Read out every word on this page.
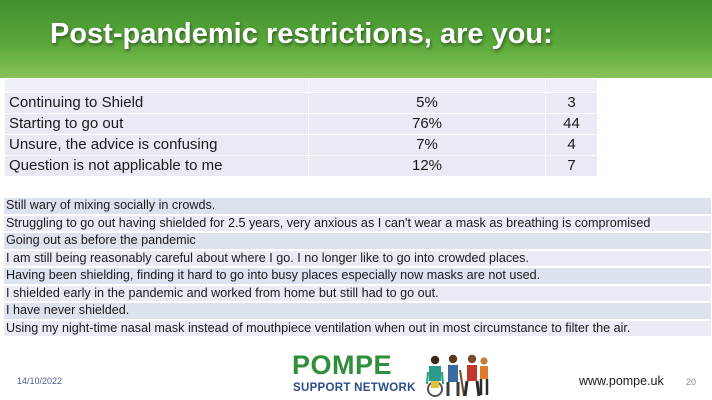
Post-pandemic restrictions, are you:

Continuing to Shield	5%	3
Starting to go out	76%	44
Unsure, the advice is confusing	7%	4
Question is not applicable to me	12%	7
Still wary of mixing socially in crowds.
Struggling to go out having shielded for 2.5 years, very anxious as I can't wear a mask as breathing is compromised
Going out as before the pandemic
I am still being reasonably careful about where I go. I no longer like to go into crowded places.
Having been shielding, finding it hard to go into busy places especially now masks are not used.
I shielded early in the pandemic and worked from home but still had to go out.
I have never shielded.
Using my night-time nasal mask instead of mouthpiece ventilation when out in most circumstance to filter the air.
14/10/2022
POMPE
SUPPORT NETWORK	www.pompe.uk 20
